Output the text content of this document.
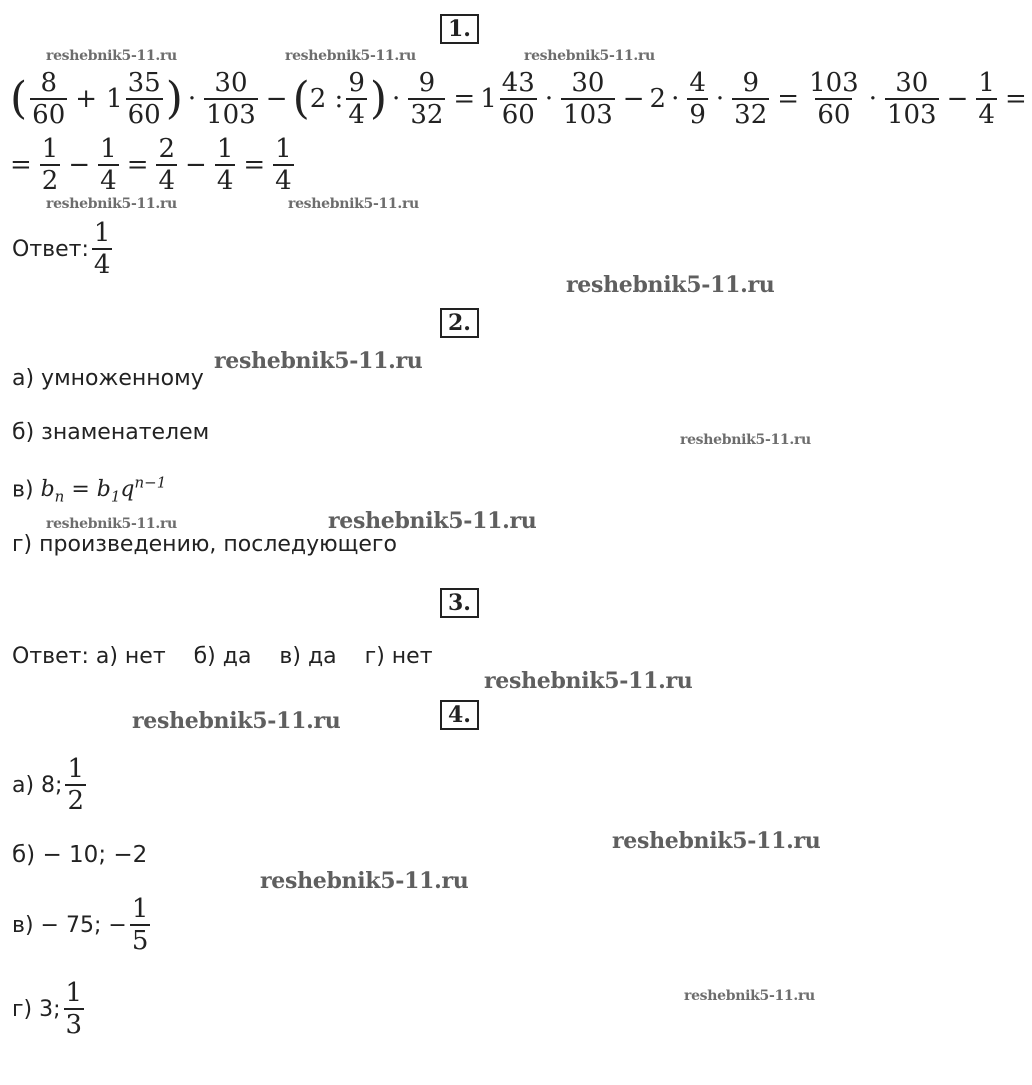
1.
( $\frac{8}{60} + 1 \frac{35}{60}$ ) · $\frac{30}{103}$ − ( 2 : $\frac{9}{4}$ ) · $\frac{9}{32} = 1 \frac{43}{60} \cdot \frac{30}{103} - 2 \cdot \frac{4}{9} \cdot \frac{9}{32} = \frac{103}{60} \cdot \frac{30}{103} - \frac{1}{4}$ =
= $\frac{1}{2} - \frac{1}{4} = \frac{2}{4} - \frac{1}{4} = \frac{1}{4}$
Ответ: $\frac{1}{4}$
2.
а) умноженному
б) знаменателем
в) $b_n = b_1q^{n-1}$
г) произведению, последующего
3.
Ответ: а) нет    б) да    в) да    г) нет
4.
а) 8; $\frac{1}{2}$
б) − 10; −2
в) − 75; − $\frac{1}{5}$
г) 3; $\frac{1}{3}$
reshebnik5-11.ru	reshebnik5-11.ru	reshebnik5-11.ru
reshebnik5-11.ru	reshebnik5-11.ru
reshebnik5-11.ru
reshebnik5-11.ru
reshebnik5-11.ru
reshebnik5-11.ru	reshebnik5-11.ru
reshebnik5-11.ru
reshebnik5-11.ru
reshebnik5-11.ru
reshebnik5-11.ru
reshebnik5-11.ru
